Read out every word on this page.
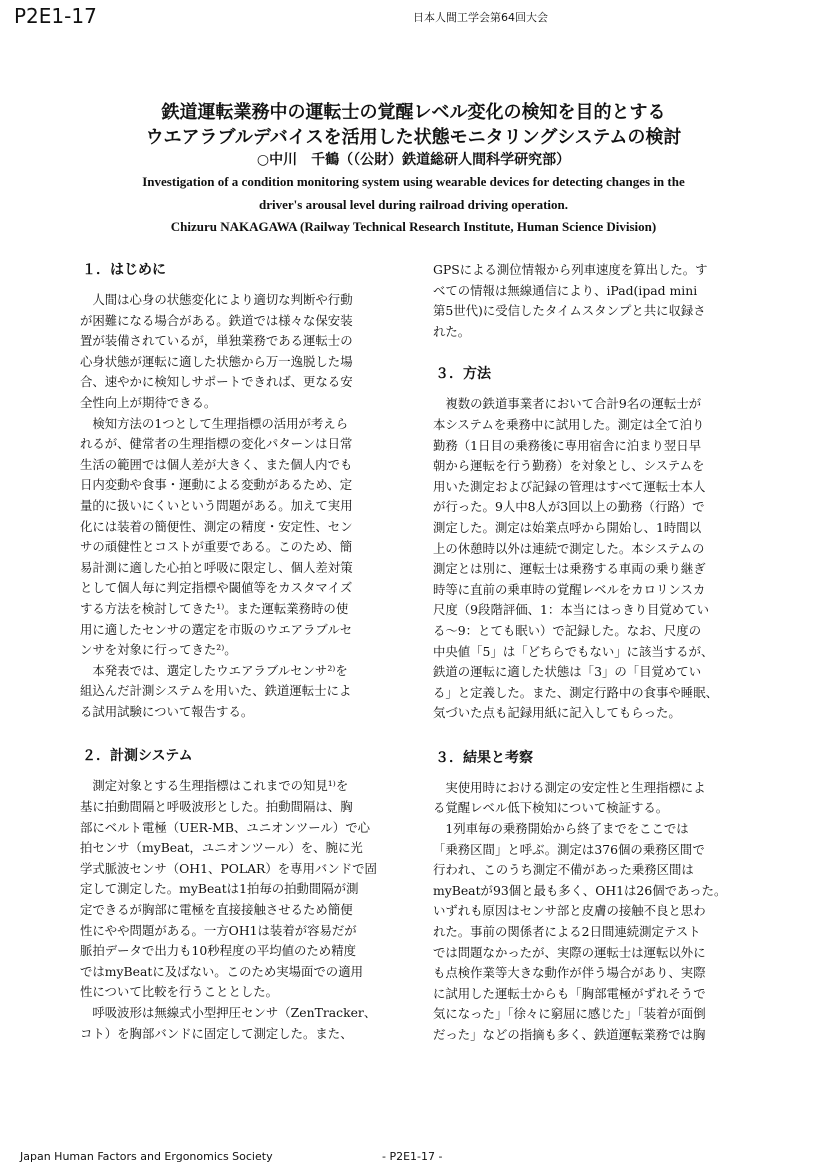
P2E1-17	日本人間工学会第64回大会
鉄道運転業務中の運転士の覚醒レベル変化の検知を目的とする
ウエアラブルデバイスを活用した状態モニタリングシステムの検討
○中川　千鶴（（公財）鉄道総研人間科学研究部）
Investigation of a condition monitoring system using wearable devices for detecting changes in the
driver's arousal level during railroad driving operation.
Chizuru NAKAGAWA (Railway Technical Research Institute, Human Science Division)
１．はじめに
　人間は心身の状態変化により適切な判断や行動
が困難になる場合がある。鉄道では様々な保安装
置が装備されているが，単独業務である運転士の
心身状態が運転に適した状態から万一逸脱した場
合、速やかに検知しサポートできれば、更なる安
全性向上が期待できる。
　検知方法の1つとして生理指標の活用が考えら
れるが、健常者の生理指標の変化パターンは日常
生活の範囲では個人差が大きく、また個人内でも
日内変動や食事・運動による変動があるため、定
量的に扱いにくいという問題がある。加えて実用
化には装着の簡便性、測定の精度・安定性、セン
サの頑健性とコストが重要である。このため、簡
易計測に適した心拍と呼吸に限定し、個人差対策
として個人毎に判定指標や閾値等をカスタマイズ
する方法を検討してきた¹⁾。また運転業務時の使
用に適したセンサの選定を市販のウエアラブルセ
ンサを対象に行ってきた²⁾。
　本発表では、選定したウエアラブルセンサ²⁾を
組込んだ計測システムを用いた、鉄道運転士によ
る試用試験について報告する。
２．計測システム
　測定対象とする生理指標はこれまでの知見¹⁾を
基に拍動間隔と呼吸波形とした。拍動間隔は、胸
部にベルト電極（UER-MB、ユニオンツール）で心
拍センサ（myBeat，ユニオンツール）を、腕に光
学式脈波センサ（OH1、POLAR）を専用バンドで固
定して測定した。myBeatは1拍毎の拍動間隔が測
定できるが胸部に電極を直接接触させるため簡便
性にやや問題がある。一方OH1は装着が容易だが
脈拍データで出力も10秒程度の平均値のため精度
ではmyBeatに及ばない。このため実場面での適用
性について比較を行うこととした。
　呼吸波形は無線式小型押圧センサ（ZenTracker、
コト）を胸部バンドに固定して測定した。また、
GPSによる測位情報から列車速度を算出した。す
べての情報は無線通信により、iPad(ipad mini
第5世代)に受信したタイムスタンプと共に収録さ
れた。
３．方法
　複数の鉄道事業者において合計9名の運転士が
本システムを乗務中に試用した。測定は全て泊り
勤務（1日目の乗務後に専用宿舎に泊まり翌日早
朝から運転を行う勤務）を対象とし、システムを
用いた測定および記録の管理はすべて運転士本人
が行った。9人中8人が3回以上の勤務（行路）で
測定した。測定は始業点呼から開始し、1時間以
上の休憩時以外は連続で測定した。本システムの
測定とは別に、運転士は乗務する車両の乗り継ぎ
時等に直前の乗車時の覚醒レベルをカロリンスカ
尺度（9段階評価、1：本当にはっきり目覚めてい
る〜9：とても眠い）で記録した。なお、尺度の
中央値「5」は「どちらでもない」に該当するが、
鉄道の運転に適した状態は「3」の「目覚めてい
る」と定義した。また、測定行路中の食事や睡眠、
気づいた点も記録用紙に記入してもらった。
３．結果と考察
　実使用時における測定の安定性と生理指標によ
る覚醒レベル低下検知について検証する。
　1列車毎の乗務開始から終了までをここでは
「乗務区間」と呼ぶ。測定は376個の乗務区間で
行われ、このうち測定不備があった乗務区間は
myBeatが93個と最も多く、OH1は26個であった。
いずれも原因はセンサ部と皮膚の接触不良と思わ
れた。事前の関係者による2日間連続測定テスト
では問題なかったが、実際の運転士は運転以外に
も点検作業等大きな動作が伴う場合があり、実際
に試用した運転士からも「胸部電極がずれそうで
気になった」「徐々に窮屈に感じた」「装着が面倒
だった」などの指摘も多く、鉄道運転業務では胸
Japan Human Factors and Ergonomics Society	- P2E1-17 -
